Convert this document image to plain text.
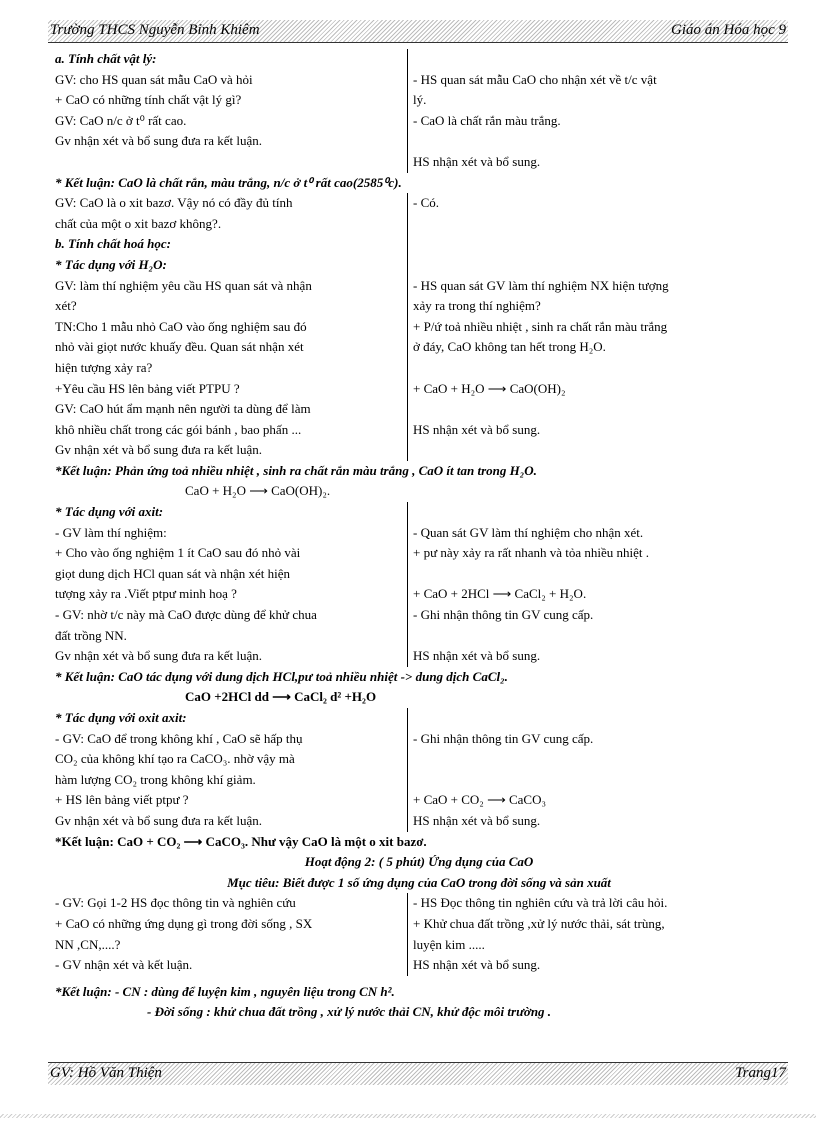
Trường THCS Nguyễn Bỉnh Khiêm	Giáo án Hóa học 9
a. Tính chất vật lý:
GV: cho HS quan sát mẫu CaO và hỏi
+ CaO có những tính chất vật lý gì?
GV: CaO n/c ở t⁰ rất cao.
Gv nhận xét và bổ sung đưa ra kết luận.
- HS quan sát mẫu CaO cho nhận xét về t/c vật
lý.
- CaO là chất rắn màu trắng.
HS nhận xét và bổ sung.
* Kết luận: CaO là chất rắn, màu trắng, n/c ở t⁰ rất cao(2585⁰c).
GV: CaO là o xit bazơ. Vậy nó có đầy đủ tính
chất của một o xit bazơ không?.
b. Tính chất hoá học:
* Tác dụng với H₂O:
GV: làm thí nghiệm yêu cầu HS quan sát và nhận
xét?
TN:Cho 1 mẫu nhỏ CaO vào ống nghiệm sau đó
nhỏ vài giọt nước khuấy đều. Quan sát nhận xét
hiện tượng xảy ra?
+Yêu cầu HS lên bảng viết PTPU ?
GV: CaO hút ẩm mạnh nên người ta dùng để làm
khô nhiều chất trong các gói bánh , bao phấn ...
Gv nhận xét và bổ sung đưa ra kết luận.
- Có.
- HS quan sát GV làm thí nghiệm NX hiện tượng
xảy ra trong thí nghiệm?
+ P/ứ toả nhiều nhiệt , sinh ra chất rắn màu trắng
ở đáy, CaO không tan hết trong H₂O.
+ CaO + H₂O ⟶ CaO(OH)₂
HS nhận xét và bổ sung.
*Kết luận: Phản ứng toả nhiều nhiệt , sinh ra chất rắn màu trắng , CaO ít tan trong H₂O.
CaO + H₂O ⟶ CaO(OH)₂.
* Tác dụng với axit:
- GV làm thí nghiệm:
+ Cho vào ống nghiệm 1 ít CaO sau đó nhỏ vài
giọt dung dịch HCl quan sát và nhận xét hiện
tượng xảy ra .Viết ptpư minh hoạ ?
- GV: nhờ t/c này mà CaO được dùng để khử chua
đất trồng NN.
Gv nhận xét và bổ sung đưa ra kết luận.
- Quan sát GV làm thí nghiệm cho nhận xét.
+ pư này xảy ra rất nhanh và tỏa nhiều nhiệt .
+ CaO + 2HCl ⟶ CaCl₂ + H₂O.
- Ghi nhận thông tin GV cung cấp.
HS nhận xét và bổ sung.
* Kết luận: CaO tác dụng với dung dịch HCl,pư toả nhiều nhiệt -> dung dịch CaCl₂.
CaO +2HCl dd ⟶ CaCl₂ d² +H₂O
* Tác dụng với oxit axit:
- GV: CaO để trong không khí , CaO sẽ hấp thụ
CO₂ của không khí tạo ra CaCO₃. nhờ vậy mà
hàm lượng CO₂ trong không khí giảm.
+ HS lên bảng viết ptpư ?
Gv nhận xét và bổ sung đưa ra kết luận.
- Ghi nhận thông tin GV cung cấp.
+ CaO + CO₂ ⟶ CaCO₃
HS nhận xét và bổ sung.
*Kết luận: CaO + CO₂ ⟶ CaCO₃. Như vậy CaO là một o xit bazơ.
Hoạt động 2: ( 5 phút) Ứng dụng của CaO
Mục tiêu: Biết được 1 số ứng dụng của CaO trong đời sống và sản xuất
- GV: Gọi 1-2 HS đọc thông tin và nghiên cứu
+ CaO có những ứng dụng gì trong đời sống , SX
NN ,CN,....?
- GV nhận xét và kết luận.
- HS Đọc thông tin nghiên cứu và trả lời câu hỏi.
+ Khử chua đất trồng ,xử lý nước thải, sát trùng,
luyện kim .....
HS nhận xét và bổ sung.
*Kết luận: - CN : dùng để luyện kim , nguyên liệu trong CN h².
- Đời sống : khử chua đất trồng , xử lý nước thải CN, khử độc môi trường .
GV: Hồ Văn Thiện	Trang17
